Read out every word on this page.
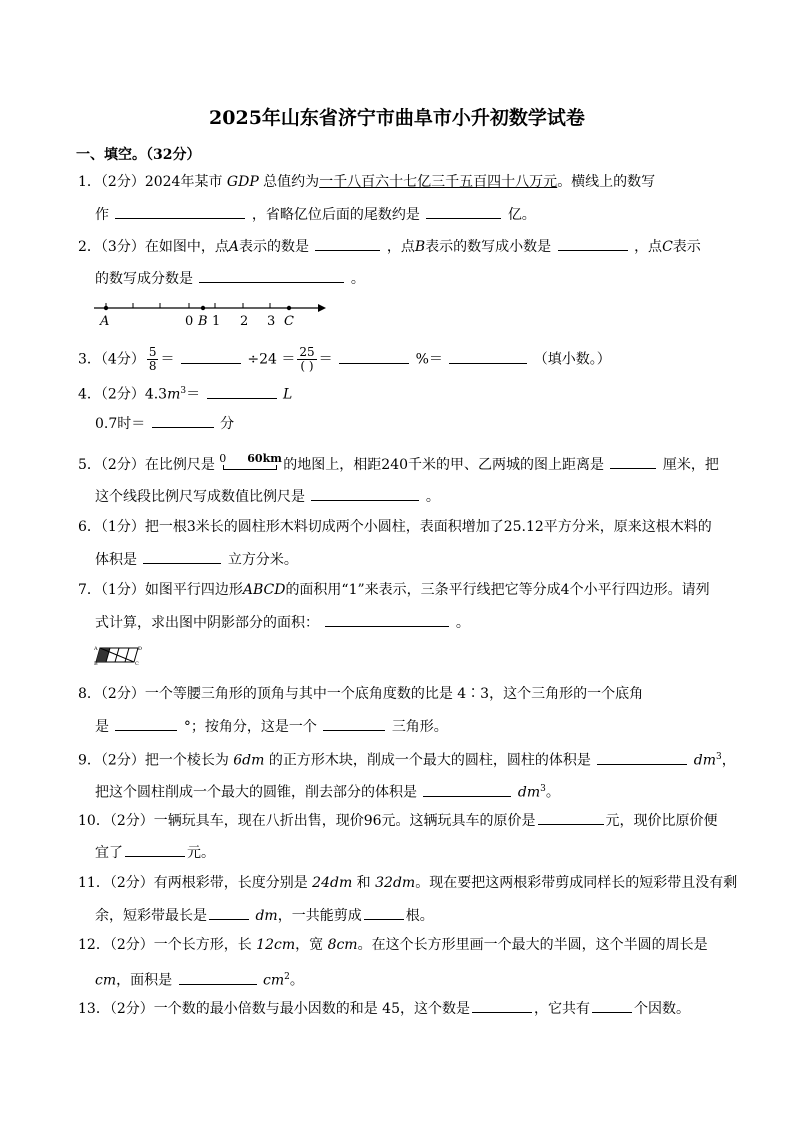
2025年山东省济宁市曲阜市小升初数学试卷
一、填空。（32分）
1．（2分）2024年某市 GDP 总值约为一千八百六十七亿三千五百四十八万元。横线上的数写
作	，省略亿位后面的尾数约是	亿。
2．（3分）在如图中，点A表示的数是	，点B表示的数写成小数是	，点C表示
的数写成分数是	。
A	0 B 1 2 3 C
3．（4分） $\frac{5}{8}$ ＝	$\div 24 = \frac{25}{( )}$ ＝	%＝	（填小数。）
4．（2分）$4.3m^3=$	L
0.7时＝	分
5．（2分）在比例尺是 0 60km 的地图上，相距240千米的甲、乙两城的图上距离是	厘米，把
这个线段比例尺写成数值比例尺是	。
6．（1分）把一根3米长的圆柱形木料切成两个小圆柱，表面积增加了25.12平方分米，原来这根木料的
体积是	立方分米。
7．（1分）如图平行四边形ABCD的面积用“1”来表示，三条平行线把它等分成4个小平行四边形。请列
式计算，求出图中阴影部分的面积：	。
A	D
B	C
8．（2分）一个等腰三角形的顶角与其中一个底角度数的比是 4∶3，这个三角形的一个底角
是	°；按角分，这是一个	三角形。
9．（2分）把一个棱长为 6dm 的正方形木块，削成一个最大的圆柱，圆柱的体积是	$dm^3$，
把这个圆柱削成一个最大的圆锥，削去部分的体积是	$dm^3$。
10．（2分）一辆玩具车，现在八折出售，现价96元。这辆玩具车的原价是	元，现价比原价便
宜了	元。
11．（2分）有两根彩带，长度分别是 24dm 和 32dm。现在要把这两根彩带剪成同样长的短彩带且没有剩
余，短彩带最长是	dm，一共能剪成	根。
12．（2分）一个长方形，长 12cm，宽 8cm。在这个长方形里画一个最大的半圆，这个半圆的周长是
cm，面积是	$cm^2$。
13．（2分）一个数的最小倍数与最小因数的和是 45，这个数是	，它共有	个因数。
